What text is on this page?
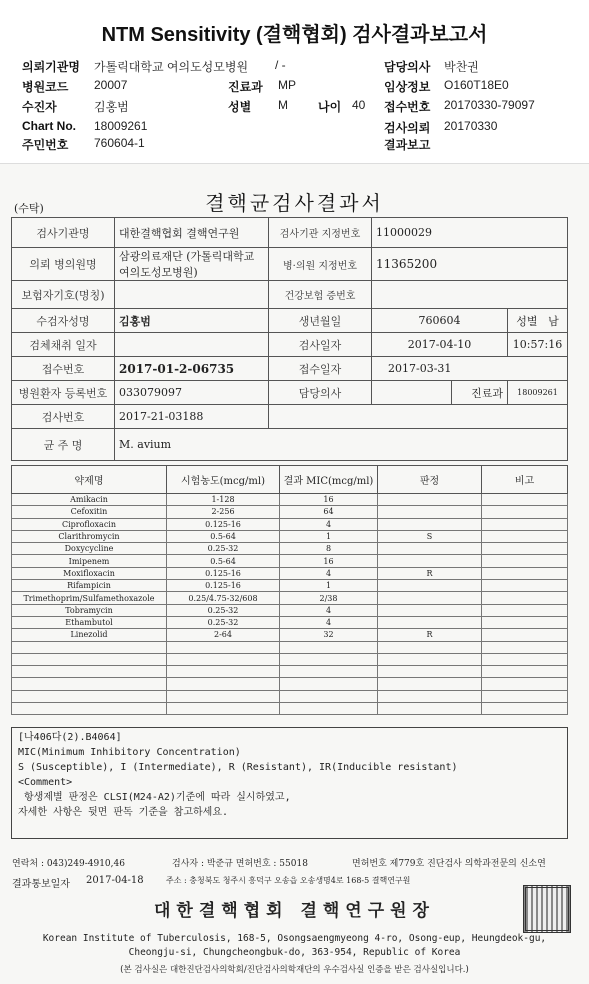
NTM Sensitivity (결핵협회) 검사결과보고서
의뢰기관명 가톨릭대학교 여의도성모병원 / -
병원코드 20007	진료과 MP
수진자	김홍범	성별 M	나이 40
Chart No. 18009261
주민번호 760604-1
담당의사 박찬권
임상정보 O160T18E0
접수번호 20170330-79097
검사의뢰 20170330
결과보고
결핵균검사결과서
(수탁)
검사기관명	대한결핵협회 결핵연구원	검사기관 지정번호	11000029		
의뢰 병의원명	삼광의료재단 (가톨릭대학교여의도성모병원)	병·의원 지정번호	11365200		
보험자기호(명칭)		건강보험 증번호			
수검자성명	김홍범	생년월일	760604		성별 남
검체채취 일자		검사일자	2017-04-10		10:57:16
접수번호	2017-01-2-06735	접수일자	2017-03-31		
병원환자 등록번호	033079097	담당의사		진료과	18009261
검사번호	2017-21-03188				
균 주 명	M. avium				
약제명	시험농도(mcg/ml)	결과 MIC(mcg/ml)	판정	비고
Amikacin	1-128	16		
Cefoxitin	2-256	64		
Ciprofloxacin	0.125-16	4		
Clarithromycin	0.5-64	1	S	
Doxycycline	0.25-32	8		
Imipenem	0.5-64	16		
Moxifloxacin	0.125-16	4	R	
Rifampicin	0.125-16	1		
Trimethoprim/Sulfamethoxazole	0.25/4.75-32/608	2/38		
Tobramycin	0.25-32	4		
Ethambutol	0.25-32	4		
Linezolid	2-64	32	R	

[나406다(2).B4064]
MIC(Minimum Inhibitory Concentration)
S (Susceptible), I (Intermediate), R (Resistant), IR(Inducible resistant)
<Comment>
항생제별 판정은 CLSI(M24-A2)기준에 따라 실시하였고,
자세한 사항은 뒷면 판독 기준을 참고하세요.
연락처 : 043)249-4910,46	검사자 : 박준규 면허번호 : 55018	면허번호 제779호 진단검사 의학과전문의 신소연
결과통보일자 2017-04-18	주소 : 충청북도 청주시 흥덕구 오송읍 오송생명4로 168-5 결핵연구원
대한결핵협회 결핵연구원장
Korean Institute of Tuberculosis, 168-5, Osongsaengmyeong 4-ro, Osong-eup, Heungdeok-gu,
Cheongju-si, Chungcheongbuk-do, 363-954, Republic of Korea
(본 검사실은 대한진단검사의학회/진단검사의학재단의 우수검사실 인증을 받은 검사실입니다.)
